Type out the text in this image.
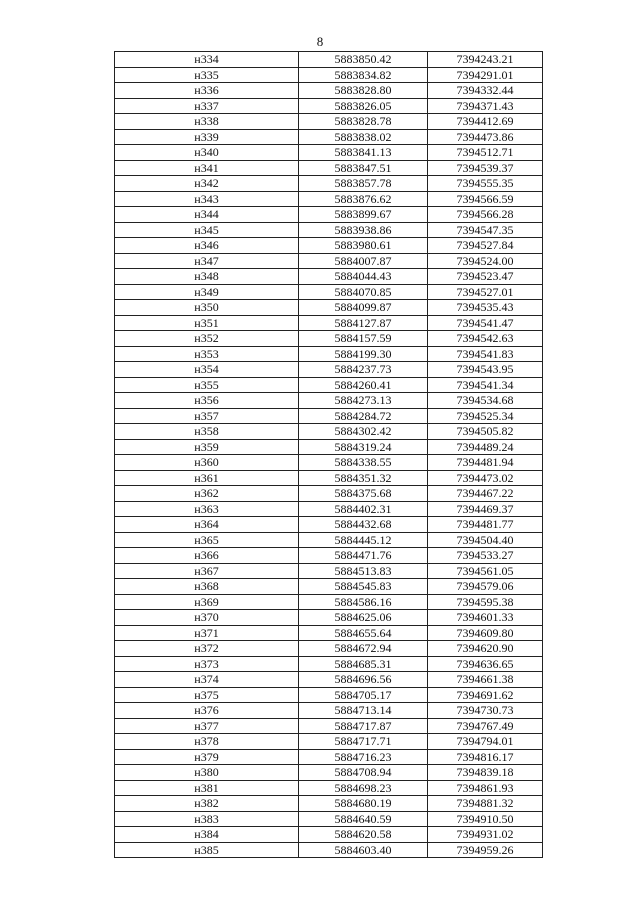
8
н334	5883850.42	7394243.21
н335	5883834.82	7394291.01
н336	5883828.80	7394332.44
н337	5883826.05	7394371.43
н338	5883828.78	7394412.69
н339	5883838.02	7394473.86
н340	5883841.13	7394512.71
н341	5883847.51	7394539.37
н342	5883857.78	7394555.35
н343	5883876.62	7394566.59
н344	5883899.67	7394566.28
н345	5883938.86	7394547.35
н346	5883980.61	7394527.84
н347	5884007.87	7394524.00
н348	5884044.43	7394523.47
н349	5884070.85	7394527.01
н350	5884099.87	7394535.43
н351	5884127.87	7394541.47
н352	5884157.59	7394542.63
н353	5884199.30	7394541.83
н354	5884237.73	7394543.95
н355	5884260.41	7394541.34
н356	5884273.13	7394534.68
н357	5884284.72	7394525.34
н358	5884302.42	7394505.82
н359	5884319.24	7394489.24
н360	5884338.55	7394481.94
н361	5884351.32	7394473.02
н362	5884375.68	7394467.22
н363	5884402.31	7394469.37
н364	5884432.68	7394481.77
н365	5884445.12	7394504.40
н366	5884471.76	7394533.27
н367	5884513.83	7394561.05
н368	5884545.83	7394579.06
н369	5884586.16	7394595.38
н370	5884625.06	7394601.33
н371	5884655.64	7394609.80
н372	5884672.94	7394620.90
н373	5884685.31	7394636.65
н374	5884696.56	7394661.38
н375	5884705.17	7394691.62
н376	5884713.14	7394730.73
н377	5884717.87	7394767.49
н378	5884717.71	7394794.01
н379	5884716.23	7394816.17
н380	5884708.94	7394839.18
н381	5884698.23	7394861.93
н382	5884680.19	7394881.32
н383	5884640.59	7394910.50
н384	5884620.58	7394931.02
н385	5884603.40	7394959.26
